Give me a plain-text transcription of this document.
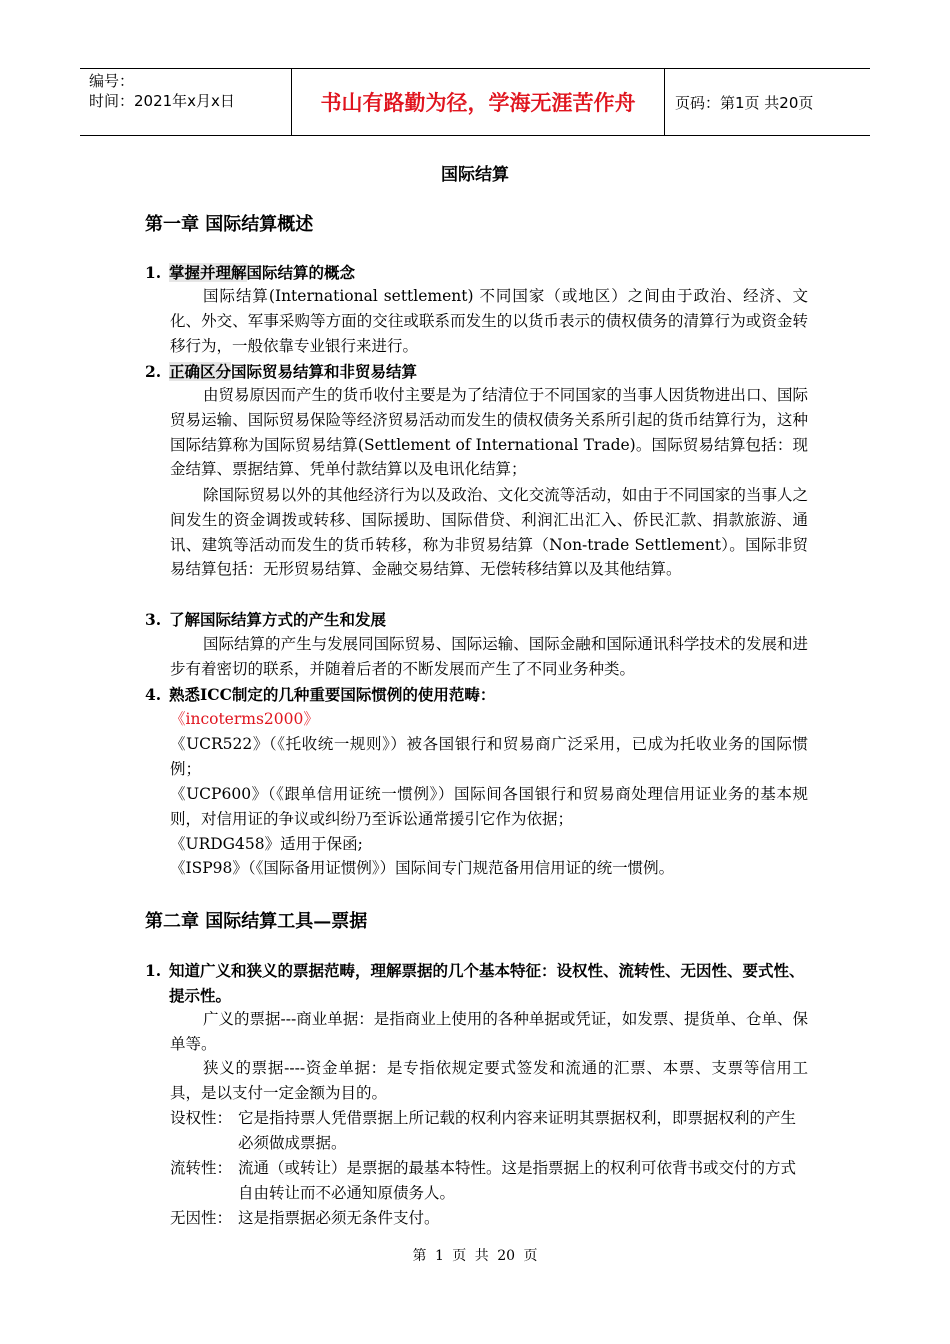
编号：
时间：2021年x月x日	书山有路勤为径，学海无涯苦作舟	页码：第1页 共20页
国际结算
第一章 国际结算概述
1. 掌握并理解国际结算的概念
国际结算(International settlement) 不同国家（或地区）之间由于政治、经济、文化、外交、军事采购等方面的交往或联系而发生的以货币表示的债权债务的清算行为或资金转移行为，一般依靠专业银行来进行。
2. 正确区分国际贸易结算和非贸易结算
由贸易原因而产生的货币收付主要是为了结清位于不同国家的当事人因货物进出口、国际贸易运输、国际贸易保险等经济贸易活动而发生的债权债务关系所引起的货币结算行为，这种国际结算称为国际贸易结算(Settlement of International Trade)。国际贸易结算包括：现金结算、票据结算、凭单付款结算以及电讯化结算；
除国际贸易以外的其他经济行为以及政治、文化交流等活动，如由于不同国家的当事人之间发生的资金调拨或转移、国际援助、国际借贷、利润汇出汇入、侨民汇款、捐款旅游、通讯、建筑等活动而发生的货币转移，称为非贸易结算（Non-trade Settlement）。国际非贸易结算包括：无形贸易结算、金融交易结算、无偿转移结算以及其他结算。
3. 了解国际结算方式的产生和发展
国际结算的产生与发展同国际贸易、国际运输、国际金融和国际通讯科学技术的发展和进步有着密切的联系，并随着后者的不断发展而产生了不同业务种类。
4. 熟悉ICC制定的几种重要国际惯例的使用范畴：
《incoterms2000》
《UCR522》（《托收统一规则》）被各国银行和贸易商广泛采用，已成为托收业务的国际惯例；
《UCP600》（《跟单信用证统一惯例》）国际间各国银行和贸易商处理信用证业务的基本规则，对信用证的争议或纠纷乃至诉讼通常援引它作为依据；
《URDG458》适用于保函;
《ISP98》（《国际备用证惯例》）国际间专门规范备用信用证的统一惯例。
第二章 国际结算工具—票据
1. 知道广义和狭义的票据范畴，理解票据的几个基本特征：设权性、流转性、无因性、要式性、提示性。
广义的票据---商业单据：是指商业上使用的各种单据或凭证，如发票、提货单、仓单、保单等。
狭义的票据----资金单据：是专指依规定要式签发和流通的汇票、本票、支票等信用工具，是以支付一定金额为目的。
设权性： 它是指持票人凭借票据上所记载的权利内容来证明其票据权利，即票据权利的产生必须做成票据。
流转性： 流通（或转让）是票据的最基本特性。这是指票据上的权利可依背书或交付的方式自由转让而不必通知原债务人。
无因性： 这是指票据必须无条件支付。
第 1 页 共 20 页
